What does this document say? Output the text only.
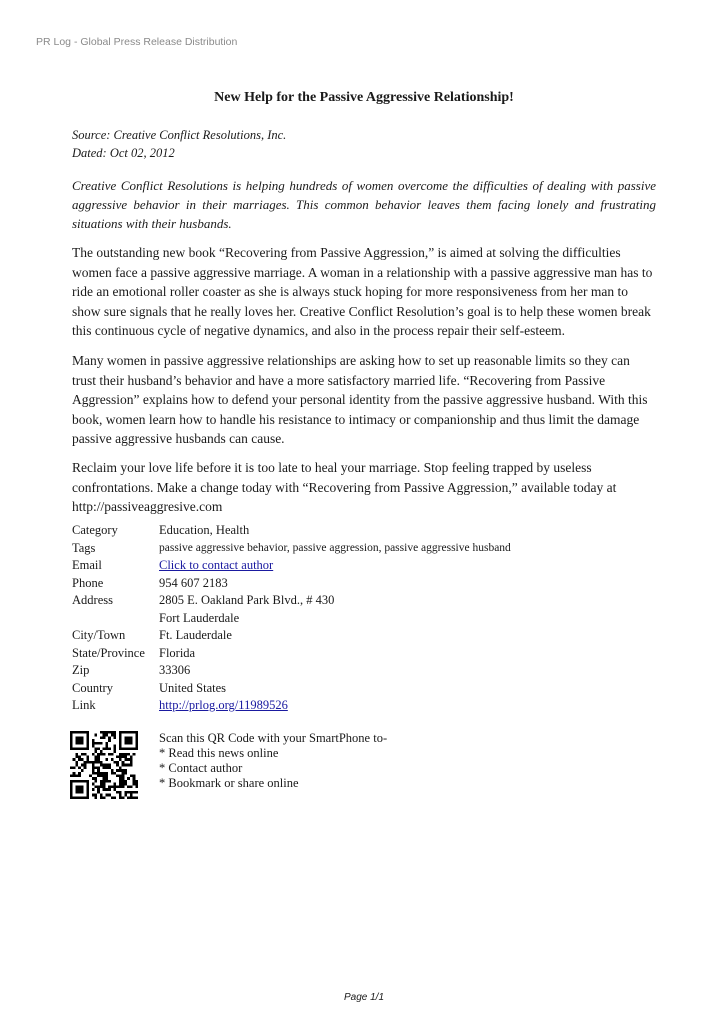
PR Log - Global Press Release Distribution
New Help for the Passive Aggressive Relationship!
Source: Creative Conflict Resolutions, Inc.
Dated: Oct 02, 2012
Creative Conflict Resolutions is helping hundreds of women overcome the difficulties of dealing with passive aggressive behavior in their marriages. This common behavior leaves them facing lonely and frustrating situations with their husbands.
The outstanding new book “Recovering from Passive Aggression,” is aimed at solving the difficulties women face a passive aggressive marriage. A woman in a relationship with a passive aggressive man has to ride an emotional roller coaster as she is always stuck hoping for more responsiveness from her man to show sure signals that he really loves her. Creative Conflict Resolution’s goal is to help these women break this continuous cycle of negative dynamics, and also in the process repair their self-esteem.
Many women in passive aggressive relationships are asking how to set up reasonable limits so they can trust their husband’s behavior and have a more satisfactory married life. “Recovering from Passive Aggression” explains how to defend your personal identity from the passive aggressive husband. With this book, women learn how to handle his resistance to intimacy or companionship and thus limit the damage passive aggressive husbands can cause.
Reclaim your love life before it is too late to heal your marriage. Stop feeling trapped by useless confrontations. Make a change today with “Recovering from Passive Aggression,” available today at http://passiveaggresive.com
Category	Education, Health
Tags	passive aggressive behavior, passive aggression, passive aggressive husband
Email	Click to contact author
Phone	954 607 2183
Address	2805 E. Oakland Park Blvd., # 430
Fort Lauderdale
City/Town	Ft. Lauderdale
State/Province	Florida
Zip	33306
Country	United States
Link	http://prlog.org/11989526
Scan this QR Code with your SmartPhone to-
* Read this news online
* Contact author
* Bookmark or share online
Page 1/1
